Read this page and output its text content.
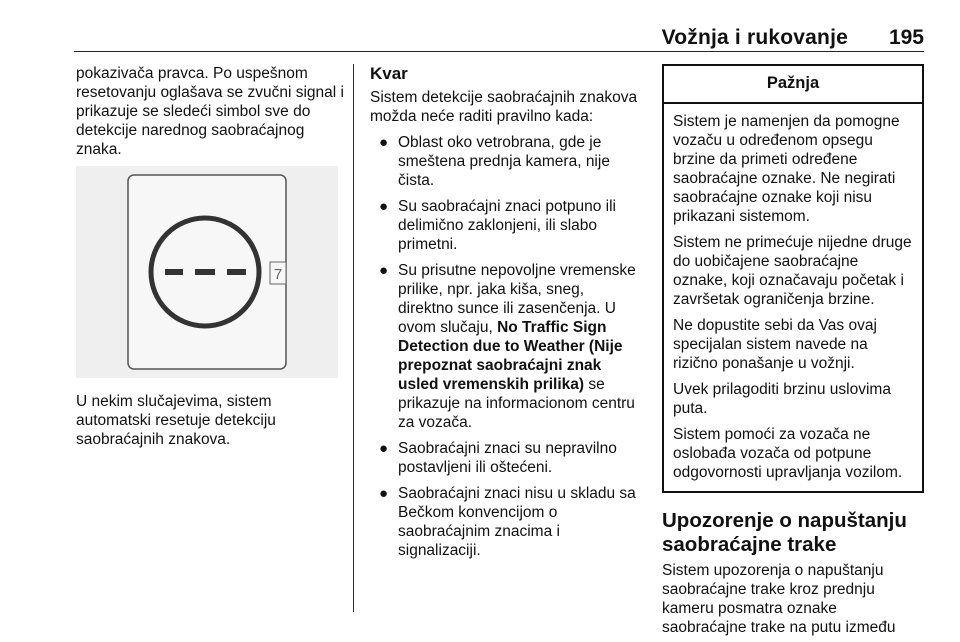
Vožnja i rukovanje 195

pokazivača pravca. Po uspešnom resetovanju oglašava se zvučni signal i prikazuje se sledeći simbol sve do detekcije narednog saobraćajnog znaka.

7

U nekim slučajevima, sistem automatski resetuje detekciju saobraćajnih znakova.

Kvar

Sistem detekcije saobraćajnih znakova možda neće raditi pravilno kada:

● Oblast oko vetrobrana, gde je smeštena prednja kamera, nije čista.
● Su saobraćajni znaci potpuno ili delimično zaklonjeni, ili slabo primetni.
● Su prisutne nepovoljne vremenske prilike, npr. jaka kiša, sneg, direktno sunce ili zasenčenja. U ovom slučaju, No Traffic Sign Detection due to Weather (Nije prepoznat saobraćajni znak usled vremenskih prilika) se prikazuje na informacionom centru za vozača.
● Saobraćajni znaci su nepravilno postavljeni ili oštećeni.
● Saobraćajni znaci nisu u skladu sa Bečkom konvencijom o saobraćajnim znacima i signalizaciji.
Pažnja

Sistem je namenjen da pomogne vozaču u određenom opsegu brzine da primeti određene saobraćajne oznake. Ne negirati saobraćajne oznake koji nisu prikazani sistemom.

Sistem ne primećuje nijedne druge do uobičajene saobraćajne oznake, koji označavaju početak i završetak ograničenja brzine.

Ne dopustite sebi da Vas ovaj specijalan sistem navede na rizično ponašanje u vožnji.

Uvek prilagoditi brzinu uslovima puta.

Sistem pomoći za vozača ne oslobađa vozača od potpune odgovornosti upravljanja vozilom.

Upozorenje o napuštanju saobraćajne trake

Sistem upozorenja o napuštanju saobraćajne trake kroz prednju kameru posmatra oznake saobraćajne trake na putu između
